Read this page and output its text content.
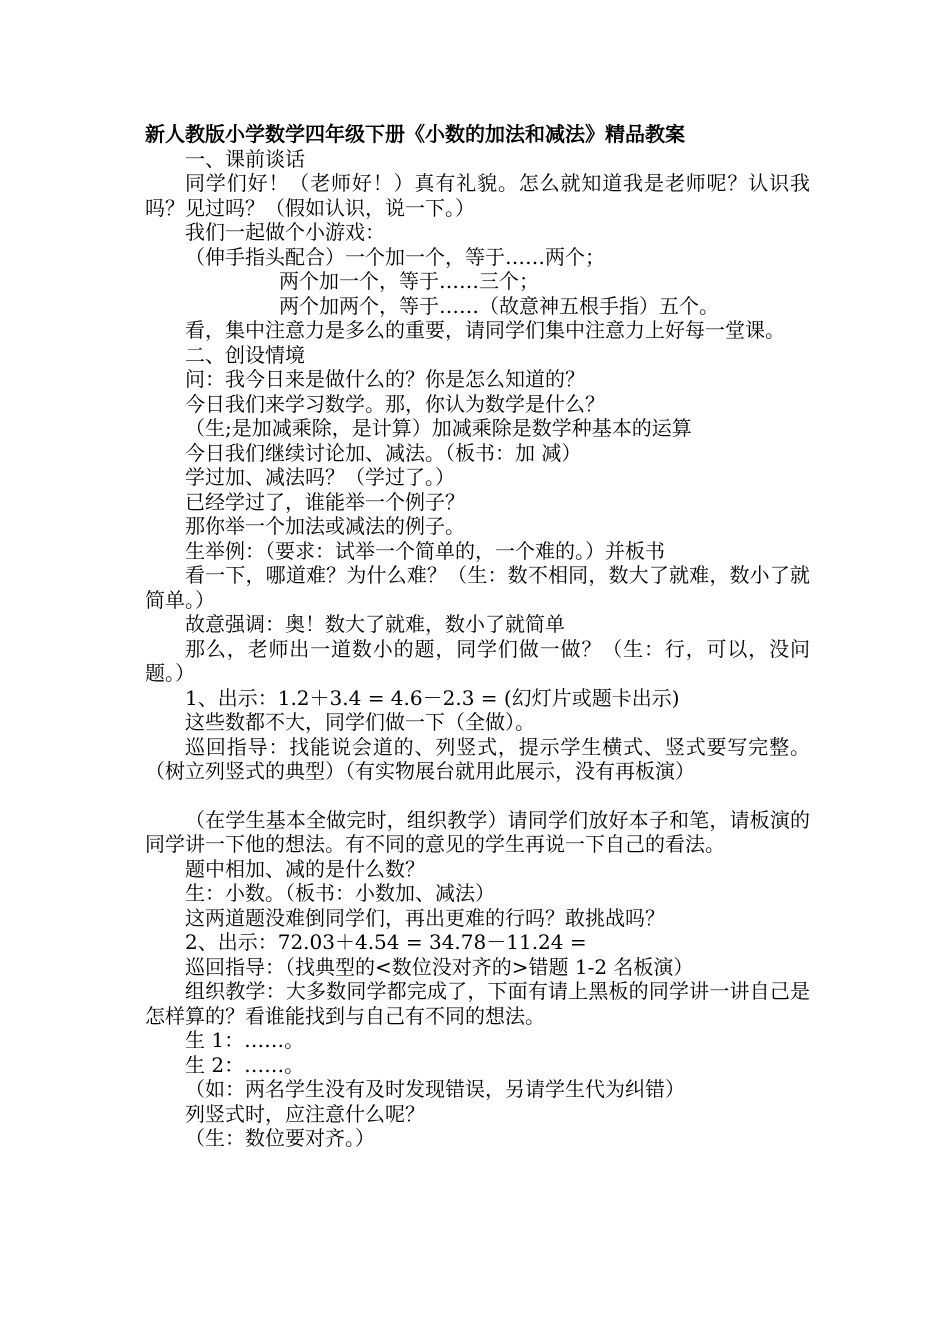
新人教版小学数学四年级下册《小数的加法和减法》精品教案

一、课前谈话

同学们好！（老师好！）真有礼貌。怎么就知道我是老师呢？认识我吗？见过吗？（假如认识，说一下。）

我们一起做个小游戏：

（伸手指头配合）一个加一个，等于……两个；

两个加一个，等于……三个；

两个加两个，等于……（故意神五根手指）五个。

看，集中注意力是多么的重要，请同学们集中注意力上好每一堂课。

二、创设情境

问：我今日来是做什么的？你是怎么知道的？

今日我们来学习数学。那，你认为数学是什么？

（生;是加减乘除，是计算）加减乘除是数学种基本的运算

今日我们继续讨论加、减法。（板书：加 减）

学过加、减法吗？（学过了。）

已经学过了，谁能举一个例子？

那你举一个加法或减法的例子。

生举例：（要求：试举一个简单的，一个难的。）并板书

看一下，哪道难？为什么难？（生：数不相同，数大了就难，数小了就简单。）

故意强调：奥！数大了就难，数小了就简单

那么，老师出一道数小的题，同学们做一做？（生：行，可以，没问题。）

1、出示：1.2＋3.4 = 4.6－2.3 = (幻灯片或题卡出示)

这些数都不大，同学们做一下（全做）。

巡回指导：找能说会道的、列竖式，提示学生横式、竖式要写完整。（树立列竖式的典型）（有实物展台就用此展示，没有再板演）

（在学生基本全做完时，组织教学）请同学们放好本子和笔，请板演的同学讲一下他的想法。有不同的意见的学生再说一下自己的看法。

题中相加、减的是什么数？

生：小数。（板书：小数加、减法）

这两道题没难倒同学们，再出更难的行吗？敢挑战吗？

2、出示：72.03＋4.54 = 34.78－11.24 =

巡回指导：（找典型的<数位没对齐的>错题 1-2 名板演）

组织教学：大多数同学都完成了，下面有请上黑板的同学讲一讲自己是怎样算的？看谁能找到与自己有不同的想法。

生 1：……。

生 2：……。

（如：两名学生没有及时发现错误，另请学生代为纠错）

列竖式时，应注意什么呢？

（生：数位要对齐。）
